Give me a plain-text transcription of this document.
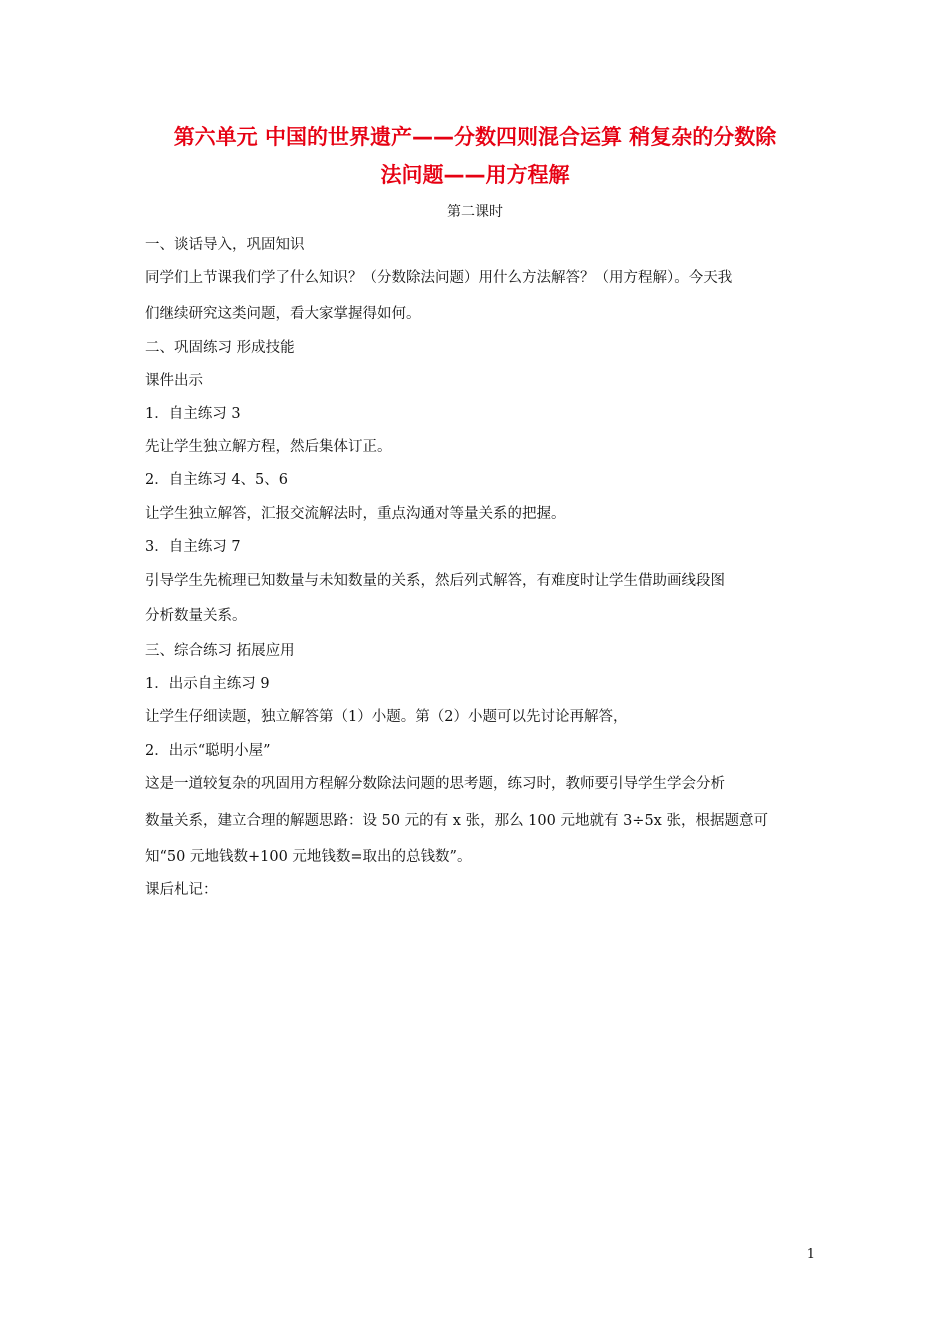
第六单元 中国的世界遗产——分数四则混合运算 稍复杂的分数除
法问题——用方程解
第二课时
一、谈话导入，巩固知识
同学们上节课我们学了什么知识？（分数除法问题）用什么方法解答？（用方程解）。今天我
们继续研究这类问题，看大家掌握得如何。
二、巩固练习 形成技能
课件出示
1．自主练习 3
先让学生独立解方程，然后集体订正。
2．自主练习 4、5、6
让学生独立解答，汇报交流解法时，重点沟通对等量关系的把握。
3．自主练习 7
引导学生先梳理已知数量与未知数量的关系，然后列式解答，有难度时让学生借助画线段图
分析数量关系。
三、综合练习 拓展应用
1．出示自主练习 9
让学生仔细读题，独立解答第（1）小题。第（2）小题可以先讨论再解答，
2．出示“聪明小屋”
这是一道较复杂的巩固用方程解分数除法问题的思考题，练习时，教师要引导学生学会分析
数量关系，建立合理的解题思路：设 50 元的有 x 张，那么 100 元地就有 3÷5x 张，根据题意可
知“50 元地钱数+100 元地钱数=取出的总钱数”。
课后札记：
1
